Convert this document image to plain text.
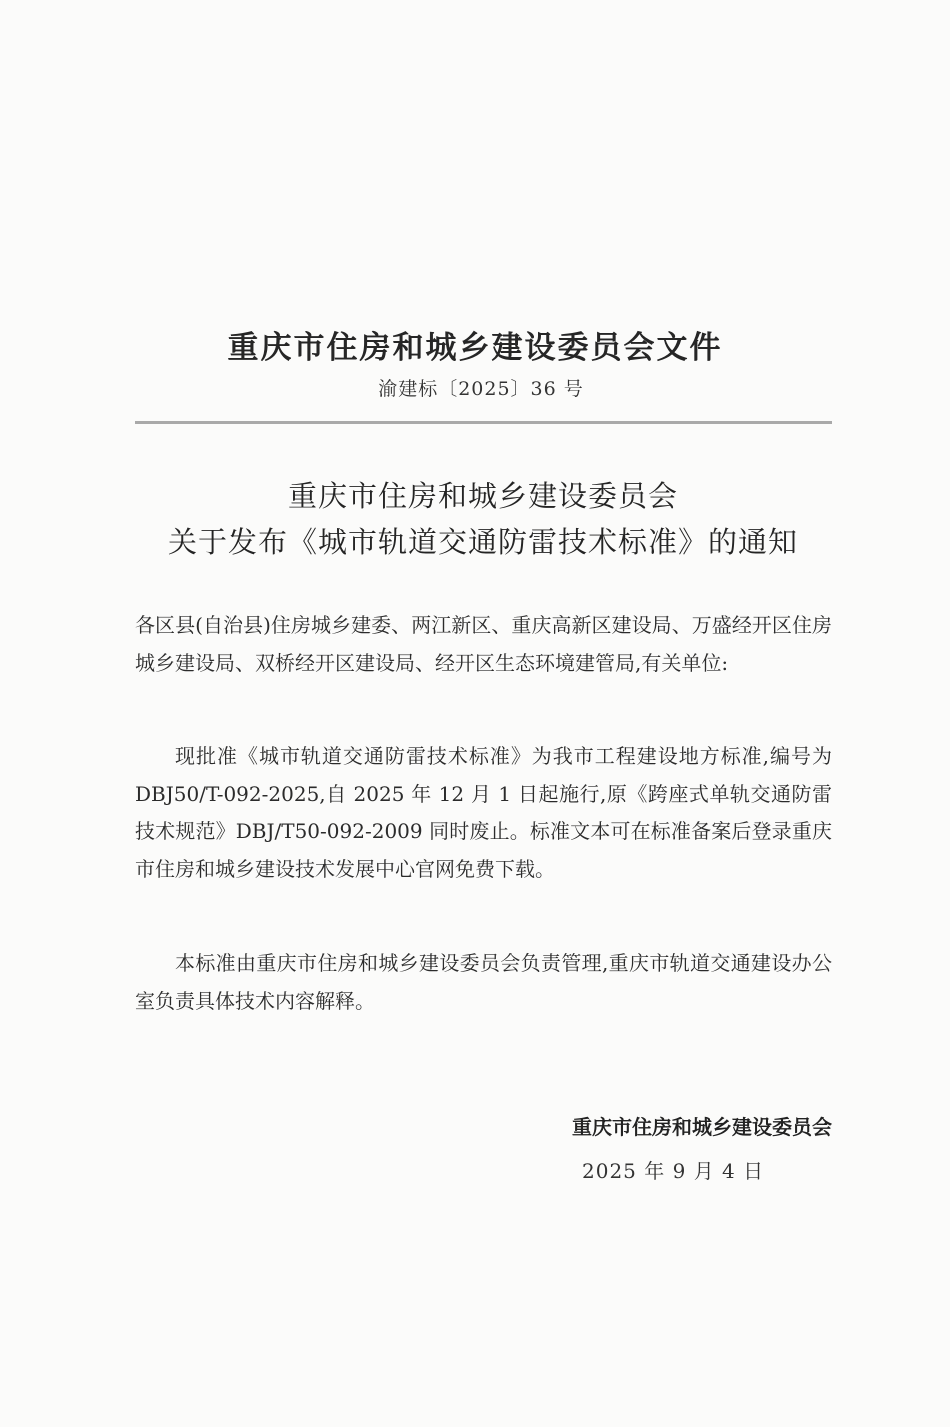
重庆市住房和城乡建设委员会文件
渝建标〔2025〕36 号
重庆市住房和城乡建设委员会
关于发布《城市轨道交通防雷技术标准》的通知

各区县(自治县)住房城乡建委、两江新区、重庆高新区建设局、万盛经开区住房城乡建设局、双桥经开区建设局、经开区生态环境建管局,有关单位:

现批准《城市轨道交通防雷技术标准》为我市工程建设地方标准,编号为 DBJ50/T-092-2025,自 2025 年 12 月 1 日起施行,原《跨座式单轨交通防雷技术规范》DBJ/T50-092-2009 同时废止。标准文本可在标准备案后登录重庆市住房和城乡建设技术发展中心官网免费下载。

本标准由重庆市住房和城乡建设委员会负责管理,重庆市轨道交通建设办公室负责具体技术内容解释。

重庆市住房和城乡建设委员会
2025 年 9 月 4 日
